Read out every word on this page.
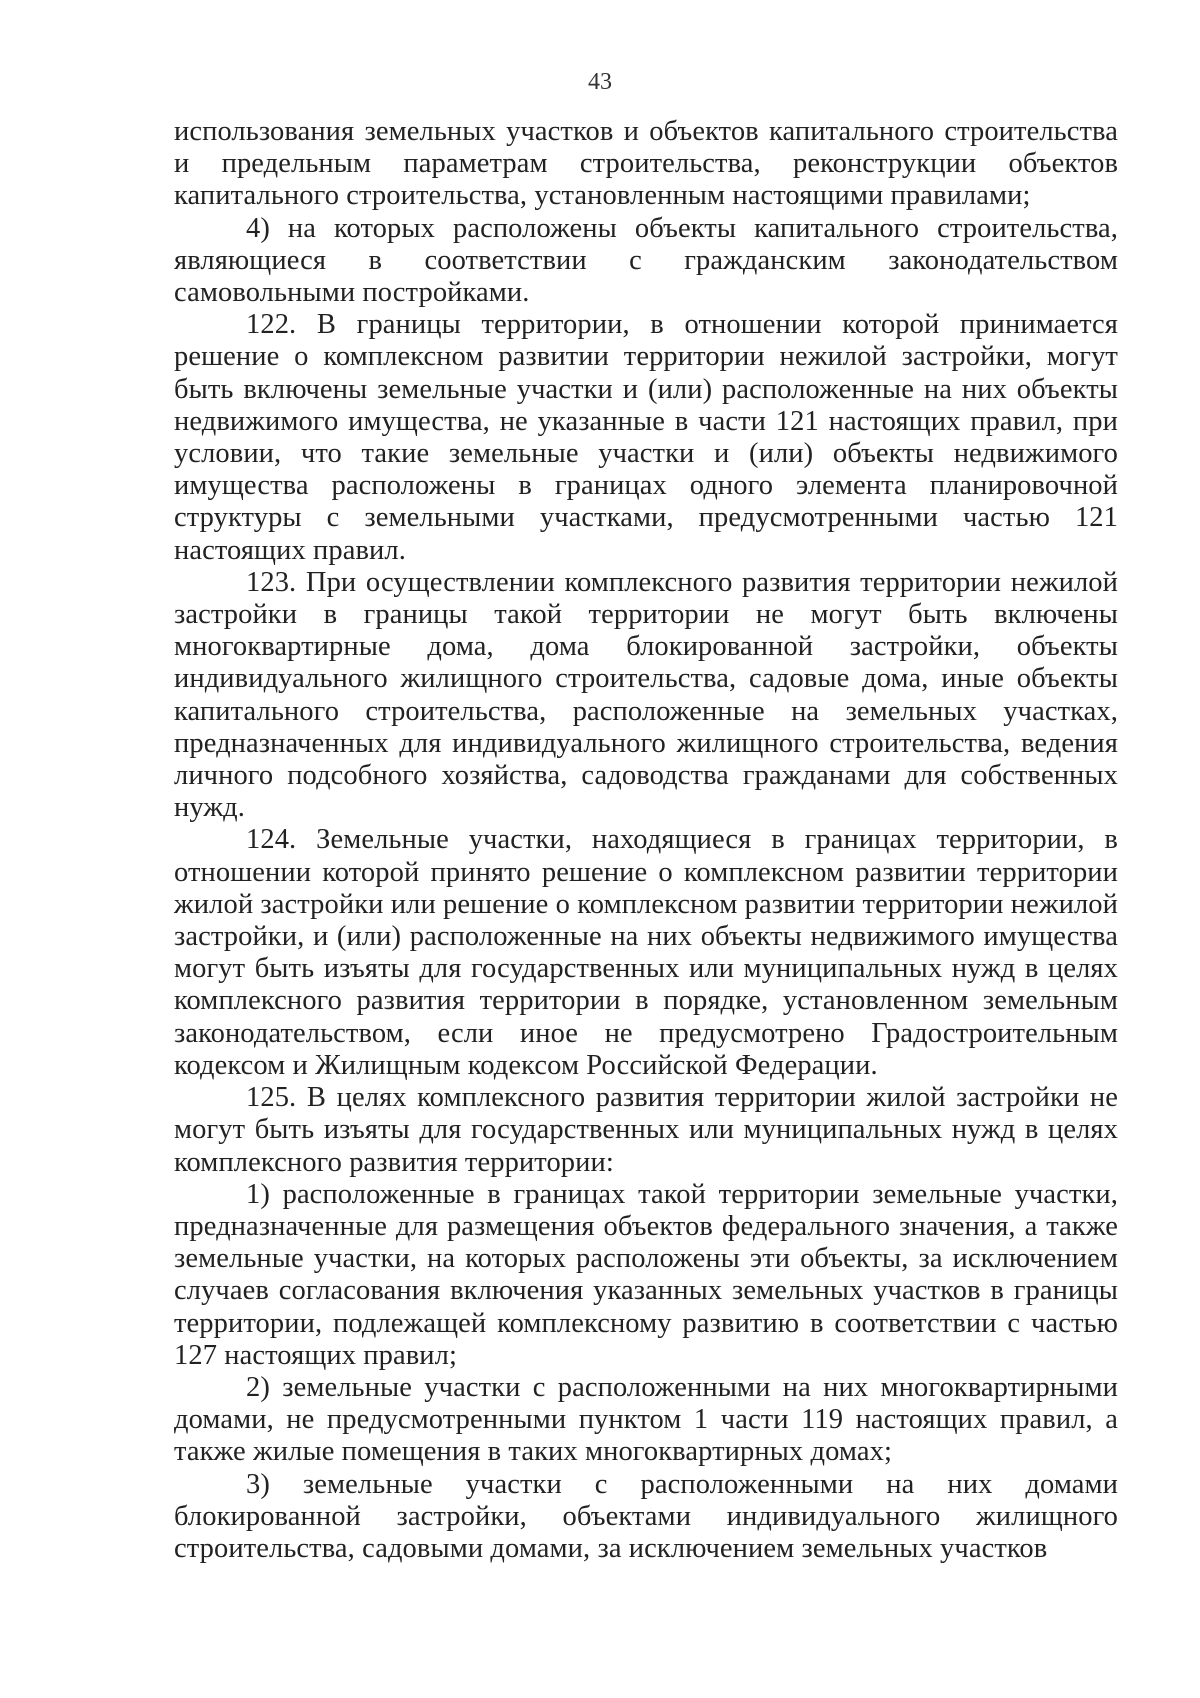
43

использования земельных участков и объектов капитального строительства и предельным параметрам строительства, реконструкции объектов капитального строительства, установленным настоящими правилами;

4) на которых расположены объекты капитального строительства, являющиеся в соответствии с гражданским законодательством самовольными постройками.

122. В границы территории, в отношении которой принимается решение о комплексном развитии территории нежилой застройки, могут быть включены земельные участки и (или) расположенные на них объекты недвижимого имущества, не указанные в части 121 настоящих правил, при условии, что такие земельные участки и (или) объекты недвижимого имущества расположены в границах одного элемента планировочной структуры с земельными участками, предусмотренными частью 121 настоящих правил.

123. При осуществлении комплексного развития территории нежилой застройки в границы такой территории не могут быть включены многоквартирные дома, дома блокированной застройки, объекты индивидуального жилищного строительства, садовые дома, иные объекты капитального строительства, расположенные на земельных участках, предназначенных для индивидуального жилищного строительства, ведения личного подсобного хозяйства, садоводства гражданами для собственных нужд.

124. Земельные участки, находящиеся в границах территории, в отношении которой принято решение о комплексном развитии территории жилой застройки или решение о комплексном развитии территории нежилой застройки, и (или) расположенные на них объекты недвижимого имущества могут быть изъяты для государственных или муниципальных нужд в целях комплексного развития территории в порядке, установленном земельным законодательством, если иное не предусмотрено Градостроительным кодексом и Жилищным кодексом Российской Федерации.

125. В целях комплексного развития территории жилой застройки не могут быть изъяты для государственных или муниципальных нужд в целях комплексного развития территории:

1) расположенные в границах такой территории земельные участки, предназначенные для размещения объектов федерального значения, а также земельные участки, на которых расположены эти объекты, за исключением случаев согласования включения указанных земельных участков в границы территории, подлежащей комплексному развитию в соответствии с частью 127 настоящих правил;

2) земельные участки с расположенными на них многоквартирными домами, не предусмотренными пунктом 1 части 119 настоящих правил, а также жилые помещения в таких многоквартирных домах;

3) земельные участки с расположенными на них домами блокированной застройки, объектами индивидуального жилищного строительства, садовыми домами, за исключением земельных участков
